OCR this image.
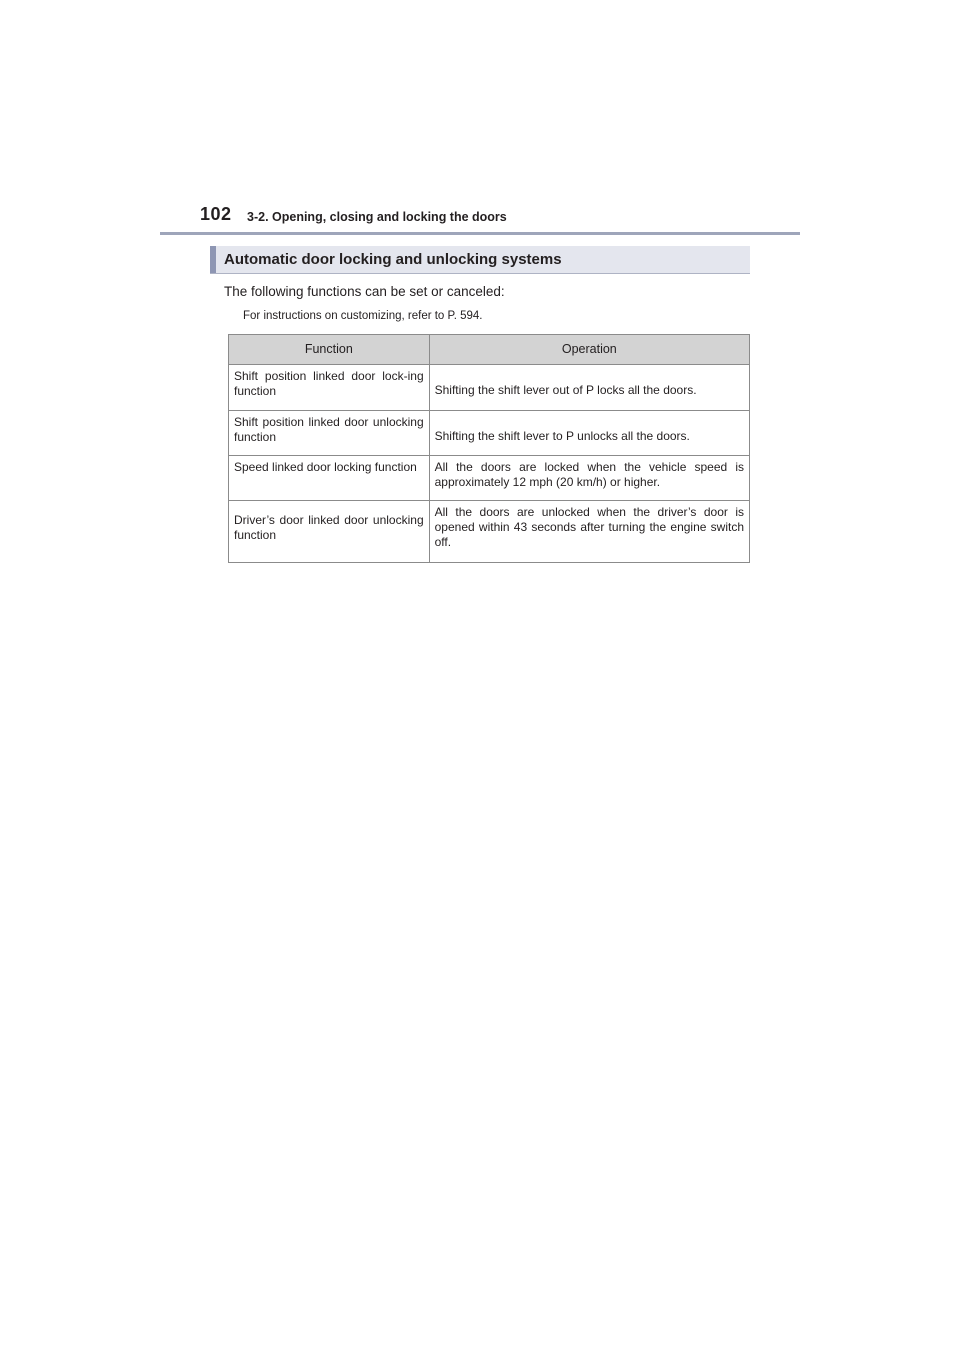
102 3-2. Opening, closing and locking the doors
Automatic door locking and unlocking systems
The following functions can be set or canceled:
For instructions on customizing, refer to P. 594.
Function	Operation
Shift position linked door lock-ing function	Shifting the shift lever out of P locks all the doors.
Shift position linked door unlocking function	Shifting the shift lever to P unlocks all the doors.
Speed linked door locking function	All the doors are locked when the vehicle speed is approximately 12 mph (20 km/h) or higher.
Driver’s door linked door unlocking function	All the doors are unlocked when the driver’s door is opened within 43 seconds after turning the engine switch off.
